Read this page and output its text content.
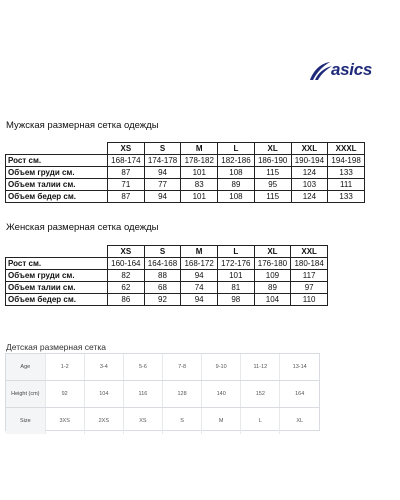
asics
Мужская размерная сетка одежды
	XS	S	M	L	XL	XXL	XXXL
Рост см.	168-174	174-178	178-182	182-186	186-190	190-194	194-198
Объем груди см.	87	94	101	108	115	124	133
Объем талии см.	71	77	83	89	95	103	111
Объем бедер см.	87	94	101	108	115	124	133
Женская размерная сетка одежды
	XS	S	M	L	XL	XXL
Рост см.	160-164	164-168	168-172	172-176	176-180	180-184
Объем груди см.	82	88	94	101	109	117
Объем талии см.	62	68	74	81	89	97
Объем бедер см.	86	92	94	98	104	110
Детская размерная сетка
Age	1-2	3-4	5-6	7-8	9-10	11-12	13-14
Height (cm)	92	104	116	128	140	152	164
Size	3XS	2XS	XS	S	M	L	XL
